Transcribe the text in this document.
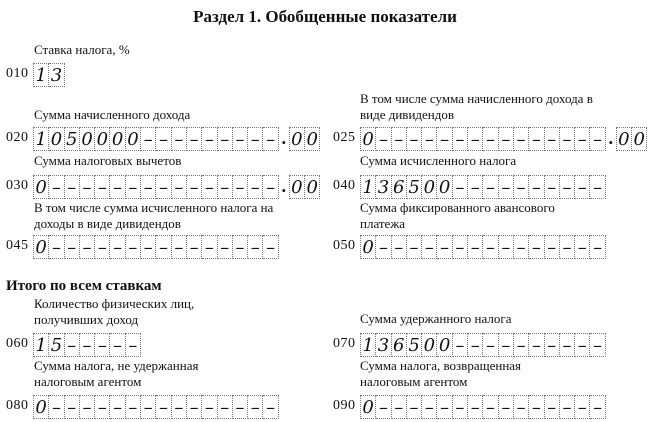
Раздел 1. Обобщенные показатели
Ставка налога, %
010 1 3
Сумма начисленного дохода
020 1 0 5 0 0 0 0 – – – – – – – – – . 0 0
В том числе сумма начисленного дохода в виде дивидендов
025 0 – – – – – – – – – – – – – – – . 0 0
Сумма налоговых вычетов
030 0 – – – – – – – – – – – – – – – . 0 0
Сумма исчисленного налога
040 1 3 6 5 0 0 – – – – – – – – – –
В том числе сумма исчисленного налога на доходы в виде дивидендов
045 0 – – – – – – – – – – – – – – –
Сумма фиксированного авансового платежа
050 0 – – – – – – – – – – – – – – –
Итого по всем ставкам
Количество физических лиц, получивших доход
060 1 5 – – – – –
Сумма удержанного налога
070 1 3 6 5 0 0 – – – – – – – – – –
Сумма налога, не удержанная налоговым агентом
080 0 – – – – – – – – – – – – – – –
Сумма налога, возвращенная налоговым агентом
090 0 – – – – – – – – – – – – – – –
